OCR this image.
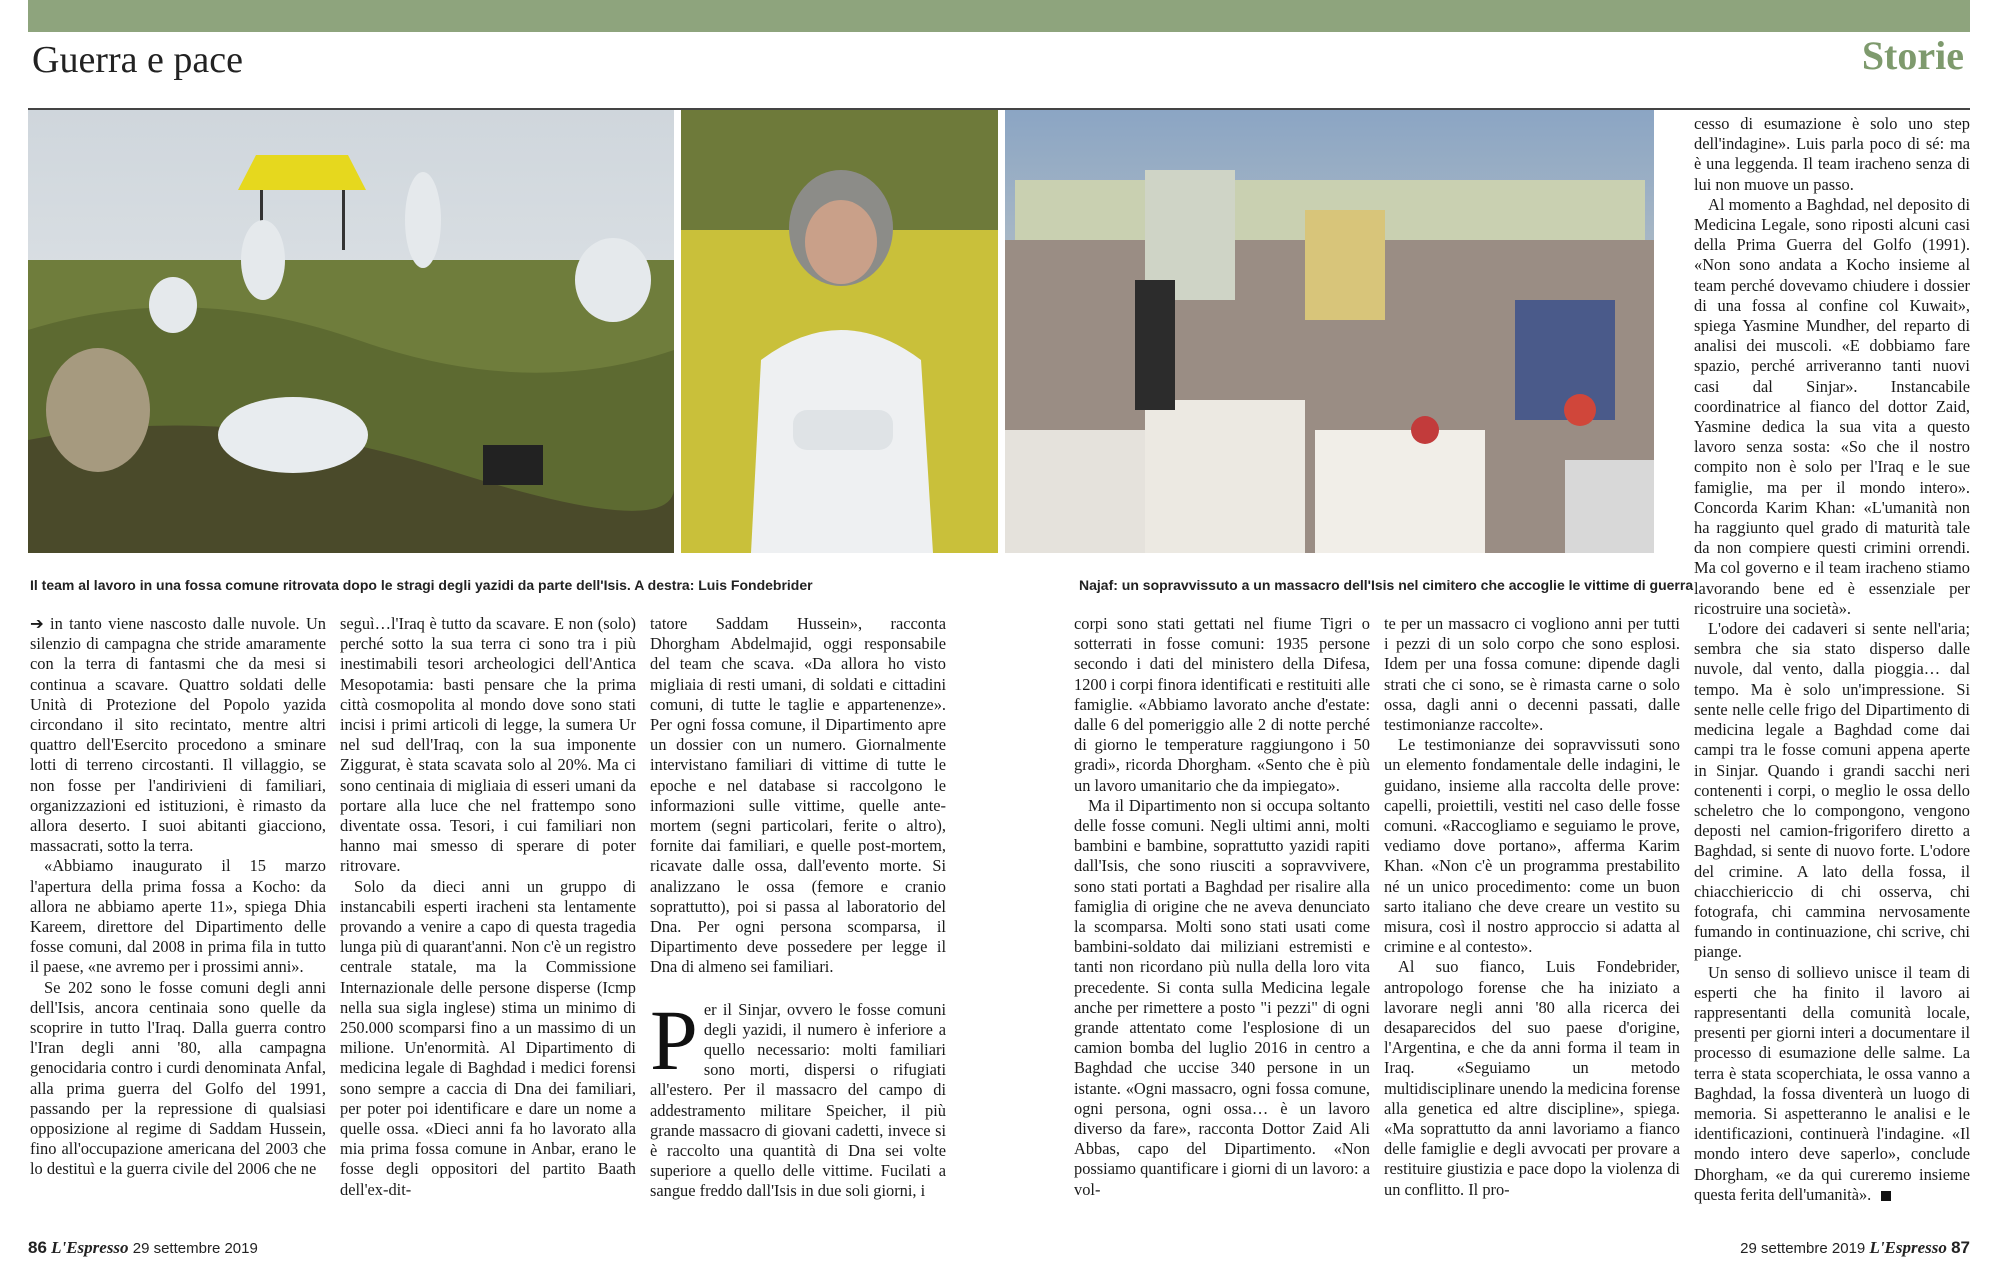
Guerra e pace	Storie
Il team al lavoro in una fossa comune ritrovata dopo le stragi degli yazidi da parte dell'Isis. A destra: Luis Fondebrider	Najaf: un sopravvissuto a un massacro dell'Isis nel cimitero che accoglie le vittime di guerra

➔ in tanto viene nascosto dalle nuvole. Un silenzio di campagna che stride amaramente con la terra di fantasmi che da mesi si continua a scavare. Quattro soldati delle Unità di Protezione del Popolo yazida circondano il sito recintato, mentre altri quattro dell'Esercito procedono a sminare lotti di terreno circostanti. Il villaggio, se non fosse per l'andirivieni di familiari, organizzazioni ed istituzioni, è rimasto da allora deserto. I suoi abitanti giacciono, massacrati, sotto la terra.

«Abbiamo inaugurato il 15 marzo l'apertura della prima fossa a Kocho: da allora ne abbiamo aperte 11», spiega Dhia Kareem, direttore del Dipartimento delle fosse comuni, dal 2008 in prima fila in tutto il paese, «ne avremo per i prossimi anni».

Se 202 sono le fosse comuni degli anni dell'Isis, ancora centinaia sono quelle da scoprire in tutto l'Iraq. Dalla guerra contro l'Iran degli anni '80, alla campagna genocidaria contro i curdi denominata Anfal, alla prima guerra del Golfo del 1991, passando per la repressione di qualsiasi opposizione al regime di Saddam Hussein, fino all'occupazione americana del 2003 che lo destituì e la guerra civile del 2006 che ne

seguì…l'Iraq è tutto da scavare. E non (solo) perché sotto la sua terra ci sono tra i più inestimabili tesori archeologici dell'Antica Mesopotamia: basti pensare che la prima città cosmopolita al mondo dove sono stati incisi i primi articoli di legge, la sumera Ur nel sud dell'Iraq, con la sua imponente Ziggurat, è stata scavata solo al 20%. Ma ci sono centinaia di migliaia di esseri umani da portare alla luce che nel frattempo sono diventate ossa. Tesori, i cui familiari non hanno mai smesso di sperare di poter ritrovare.

Solo da dieci anni un gruppo di instancabili esperti iracheni sta lentamente provando a venire a capo di questa tragedia lunga più di quarant'anni. Non c'è un registro centrale statale, ma la Commissione Internazionale delle persone disperse (Icmp nella sua sigla inglese) stima un minimo di 250.000 scomparsi fino a un massimo di un milione. Un'enormità. Al Dipartimento di medicina legale di Baghdad i medici forensi sono sempre a caccia di Dna dei familiari, per poter poi identificare e dare un nome a quelle ossa. «Dieci anni fa ho lavorato alla mia prima fossa comune in Anbar, erano le fosse degli oppositori del partito Baath dell'ex-dit-

tatore Saddam Hussein», racconta Dhorgham Abdelmajid, oggi responsabile del team che scava. «Da allora ho visto migliaia di resti umani, di soldati e cittadini comuni, di tutte le taglie e appartenenze». Per ogni fossa comune, il Dipartimento apre un dossier con un numero. Giornalmente intervistano familiari di vittime di tutte le epoche e nel database si raccolgono le informazioni sulle vittime, quelle ante-mortem (segni particolari, ferite o altro), fornite dai familiari, e quelle post-mortem, ricavate dalle ossa, dall'evento morte. Si analizzano le ossa (femore e cranio soprattutto), poi si passa al laboratorio del Dna. Per ogni persona scomparsa, il Dipartimento deve possedere per legge il Dna di almeno sei familiari.

Per il Sinjar, ovvero le fosse comuni degli yazidi, il numero è inferiore a quello necessario: molti familiari sono morti, dispersi o rifugiati all'estero. Per il massacro del campo di addestramento militare Speicher, il più grande massacro di giovani cadetti, invece si è raccolto una quantità di Dna sei volte superiore a quello delle vittime. Fucilati a sangue freddo dall'Isis in due soli giorni, i

corpi sono stati gettati nel fiume Tigri o sotterrati in fosse comuni: 1935 persone secondo i dati del ministero della Difesa, 1200 i corpi finora identificati e restituiti alle famiglie. «Abbiamo lavorato anche d'estate: dalle 6 del pomeriggio alle 2 di notte perché di giorno le temperature raggiungono i 50 gradi», ricorda Dhorgham. «Sento che è più un lavoro umanitario che da impiegato».

Ma il Dipartimento non si occupa soltanto delle fosse comuni. Negli ultimi anni, molti bambini e bambine, soprattutto yazidi rapiti dall'Isis, che sono riusciti a sopravvivere, sono stati portati a Baghdad per risalire alla famiglia di origine che ne aveva denunciato la scomparsa. Molti sono stati usati come bambini-soldato dai miliziani estremisti e tanti non ricordano più nulla della loro vita precedente. Si conta sulla Medicina legale anche per rimettere a posto "i pezzi" di ogni grande attentato come l'esplosione di un camion bomba del luglio 2016 in centro a Baghdad che uccise 340 persone in un istante. «Ogni massacro, ogni fossa comune, ogni persona, ogni ossa… è un lavoro diverso da fare», racconta Dottor Zaid Ali Abbas, capo del Dipartimento. «Non possiamo quantificare i giorni di un lavoro: a vol-

te per un massacro ci vogliono anni per tutti i pezzi di un solo corpo che sono esplosi. Idem per una fossa comune: dipende dagli strati che ci sono, se è rimasta carne o solo ossa, dagli anni o decenni passati, dalle testimonianze raccolte».

Le testimonianze dei sopravvissuti sono un elemento fondamentale delle indagini, le guidano, insieme alla raccolta delle prove: capelli, proiettili, vestiti nel caso delle fosse comuni. «Raccogliamo e seguiamo le prove, vediamo dove portano», afferma Karim Khan. «Non c'è un programma prestabilito né un unico procedimento: come un buon sarto italiano che deve creare un vestito su misura, così il nostro approccio si adatta al crimine e al contesto».

Al suo fianco, Luis Fondebrider, antropologo forense che ha iniziato a lavorare negli anni '80 alla ricerca dei desaparecidos del suo paese d'origine, l'Argentina, e che da anni forma il team in Iraq. «Seguiamo un metodo multidisciplinare unendo la medicina forense alla genetica ed altre discipline», spiega. «Ma soprattutto da anni lavoriamo a fianco delle famiglie e degli avvocati per provare a restituire giustizia e pace dopo la violenza di un conflitto. Il pro-

cesso di esumazione è solo uno step dell'indagine». Luis parla poco di sé: ma è una leggenda. Il team iracheno senza di lui non muove un passo.

Al momento a Baghdad, nel deposito di Medicina Legale, sono riposti alcuni casi della Prima Guerra del Golfo (1991). «Non sono andata a Kocho insieme al team perché dovevamo chiudere i dossier di una fossa al confine col Kuwait», spiega Yasmine Mundher, del reparto di analisi dei muscoli. «E dobbiamo fare spazio, perché arriveranno tanti nuovi casi dal Sinjar». Instancabile coordinatrice al fianco del dottor Zaid, Yasmine dedica la sua vita a questo lavoro senza sosta: «So che il nostro compito non è solo per l'Iraq e le sue famiglie, ma per il mondo intero». Concorda Karim Khan: «L'umanità non ha raggiunto quel grado di maturità tale da non compiere questi crimini orrendi. Ma col governo e il team iracheno stiamo lavorando bene ed è essenziale per ricostruire una società».

L'odore dei cadaveri si sente nell'aria; sembra che sia stato disperso dalle nuvole, dal vento, dalla pioggia… dal tempo. Ma è solo un'impressione. Si sente nelle celle frigo del Dipartimento di medicina legale a Baghdad come dai campi tra le fosse comuni appena aperte in Sinjar. Quando i grandi sacchi neri contenenti i corpi, o meglio le ossa dello scheletro che lo compongono, vengono deposti nel camion-frigorifero diretto a Baghdad, si sente di nuovo forte. L'odore del crimine. A lato della fossa, il chiacchiericcio di chi osserva, chi fotografa, chi cammina nervosamente fumando in continuazione, chi scrive, chi piange.

Un senso di sollievo unisce il team di esperti che ha finito il lavoro ai rappresentanti della comunità locale, presenti per giorni interi a documentare il processo di esumazione delle salme. La terra è stata scoperchiata, le ossa vanno a Baghdad, la fossa diventerà un luogo di memoria. Si aspetteranno le analisi e le identificazioni, continuerà l'indagine. «Il mondo intero deve saperlo», conclude Dhorgham, «e da qui cureremo insieme questa ferita dell'umanità».

86 L'Espresso 29 settembre 2019	29 settembre 2019 L'Espresso 87
